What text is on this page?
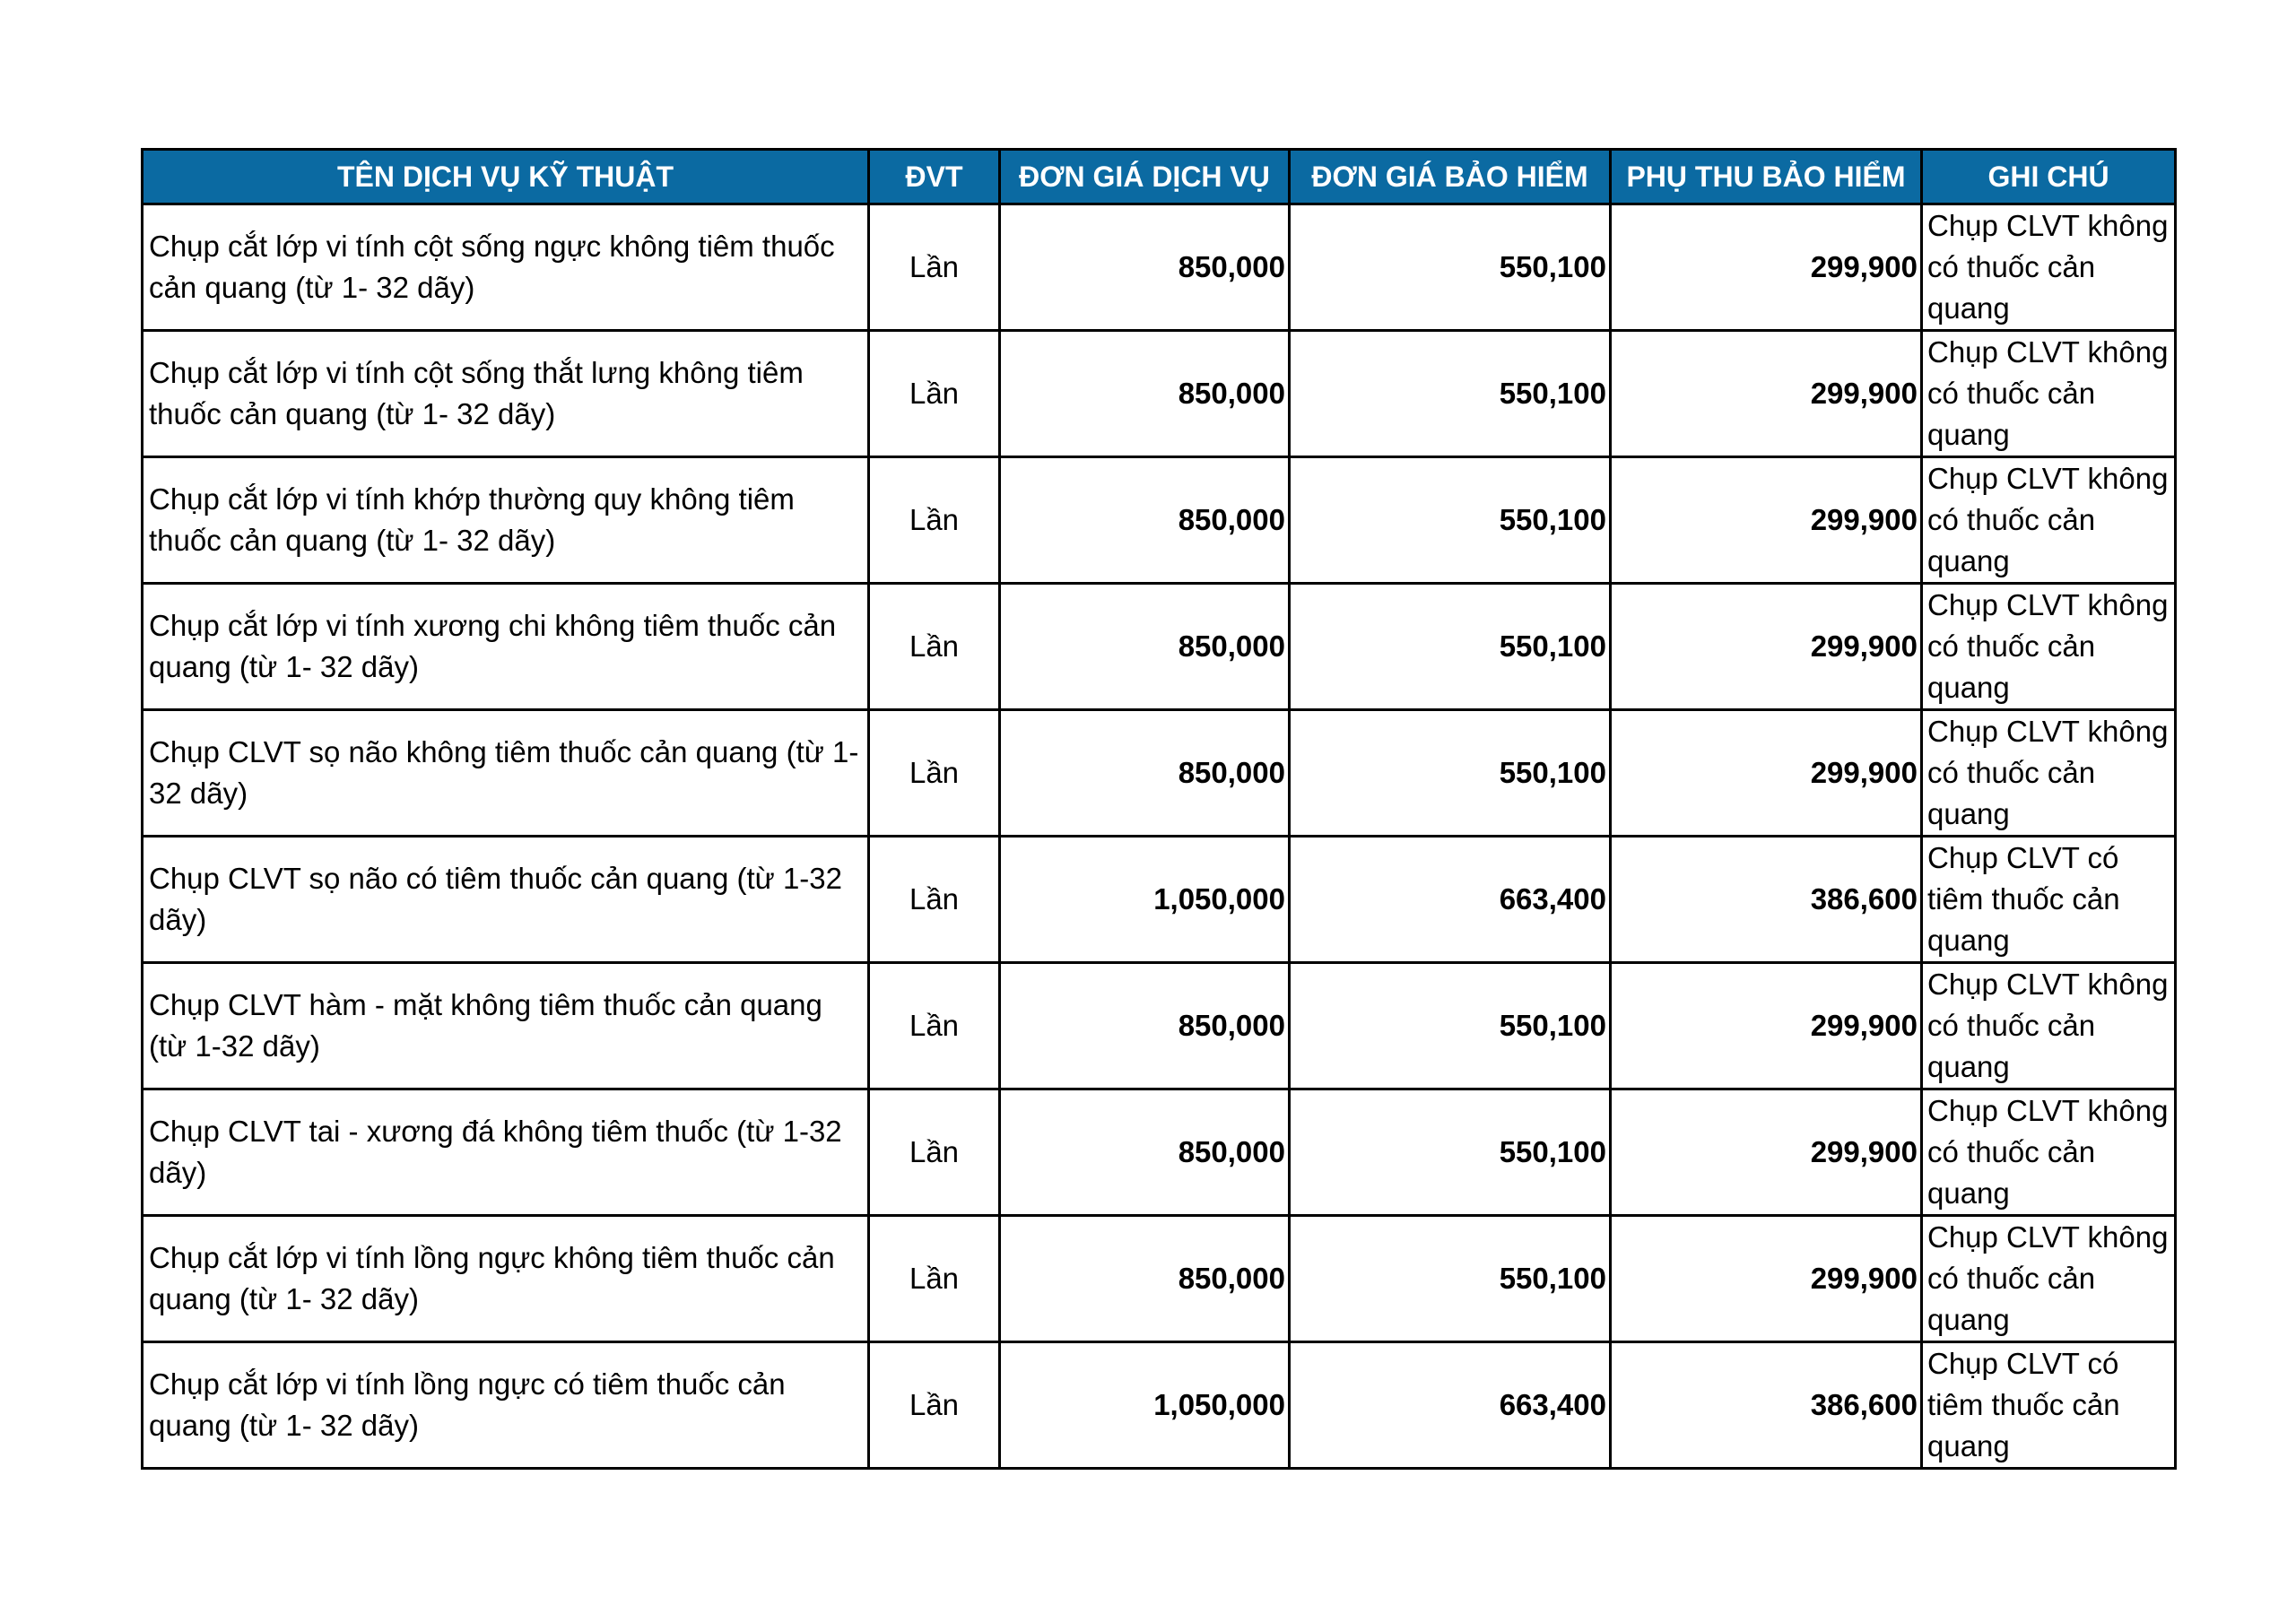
TÊN DỊCH VỤ KỸ THUẬT	ĐVT	ĐƠN GIÁ DỊCH VỤ	ĐƠN GIÁ BẢO HIỂM	PHỤ THU BẢO HIỂM	GHI CHÚ
Chụp cắt lớp vi tính cột sống ngực không tiêm thuốc cản quang (từ 1- 32 dãy)	Lần	850,000	550,100	299,900	Chụp CLVT không có thuốc cản quang
Chụp cắt lớp vi tính cột sống thắt lưng không tiêm thuốc cản quang (từ 1- 32 dãy)	Lần	850,000	550,100	299,900	Chụp CLVT không có thuốc cản quang
Chụp cắt lớp vi tính khớp thường quy không tiêm thuốc cản quang (từ 1- 32 dãy)	Lần	850,000	550,100	299,900	Chụp CLVT không có thuốc cản quang
Chụp cắt lớp vi tính xương chi không tiêm thuốc cản quang (từ 1- 32 dãy)	Lần	850,000	550,100	299,900	Chụp CLVT không có thuốc cản quang
Chụp CLVT sọ não không tiêm thuốc cản quang (từ 1- 32 dãy)	Lần	850,000	550,100	299,900	Chụp CLVT không có thuốc cản quang
Chụp CLVT sọ não có tiêm thuốc cản quang (từ 1-32 dãy)	Lần	1,050,000	663,400	386,600	Chụp CLVT có tiêm thuốc cản quang
Chụp CLVT hàm - mặt không tiêm thuốc cản quang (từ 1-32 dãy)	Lần	850,000	550,100	299,900	Chụp CLVT không có thuốc cản quang
Chụp CLVT tai - xương đá không tiêm thuốc (từ 1-32 dãy)	Lần	850,000	550,100	299,900	Chụp CLVT không có thuốc cản quang
Chụp cắt lớp vi tính lồng ngực không tiêm thuốc cản quang (từ 1- 32 dãy)	Lần	850,000	550,100	299,900	Chụp CLVT không có thuốc cản quang
Chụp cắt lớp vi tính lồng ngực có tiêm thuốc cản quang (từ 1- 32 dãy)	Lần	1,050,000	663,400	386,600	Chụp CLVT có tiêm thuốc cản quang
